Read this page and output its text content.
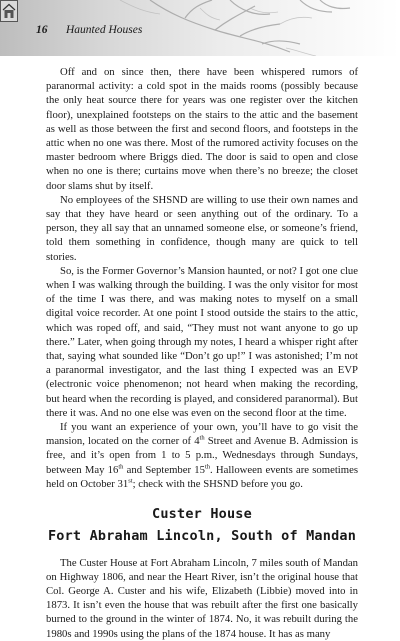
16 Haunted Houses

Off and on since then, there have been whispered rumors of paranormal activity: a cold spot in the maids rooms (possibly because the only heat source there for years was one register over the kitchen floor), unexplained footsteps on the stairs to the attic and the basement as well as those between the first and second floors, and footsteps in the attic when no one was there. Most of the rumored activity focuses on the master bedroom where Briggs died. The door is said to open and close when no one is there; curtains move when there’s no breeze; the closet door slams shut by itself.

No employees of the SHSND are willing to use their own names and say that they have heard or seen anything out of the ordinary. To a person, they all say that an unnamed someone else, or someone’s friend, told them something in confidence, though many are quick to tell stories.

So, is the Former Governor’s Mansion haunted, or not? I got one clue when I was walking through the building. I was the only visitor for most of the time I was there, and was making notes to myself on a small digital voice recorder. At one point I stood outside the stairs to the attic, which was roped off, and said, “They must not want anyone to go up there.” Later, when going through my notes, I heard a whisper right after that, saying what sounded like “Don’t go up!” I was astonished; I’m not a paranormal investigator, and the last thing I expected was an EVP (electronic voice phenomenon; not heard when making the recording, but heard when the recording is played, and considered paranormal). But there it was. And no one else was even on the second floor at the time.

If you want an experience of your own, you’ll have to go visit the mansion, located on the corner of 4th Street and Avenue B. Admission is free, and it’s open from 1 to 5 p.m., Wednesdays through Sundays, between May 16th and September 15th. Halloween events are sometimes held on October 31st; check with the SHSND before you go.

Custer House
Fort Abraham Lincoln, South of Mandan

The Custer House at Fort Abraham Lincoln, 7 miles south of Mandan on Highway 1806, and near the Heart River, isn’t the original house that Col. George A. Custer and his wife, Elizabeth (Libbie) moved into in 1873. It isn’t even the house that was rebuilt after the first one basically burned to the ground in the winter of 1874. No, it was rebuilt during the 1980s and 1990s using the plans of the 1874 house. It has as many
